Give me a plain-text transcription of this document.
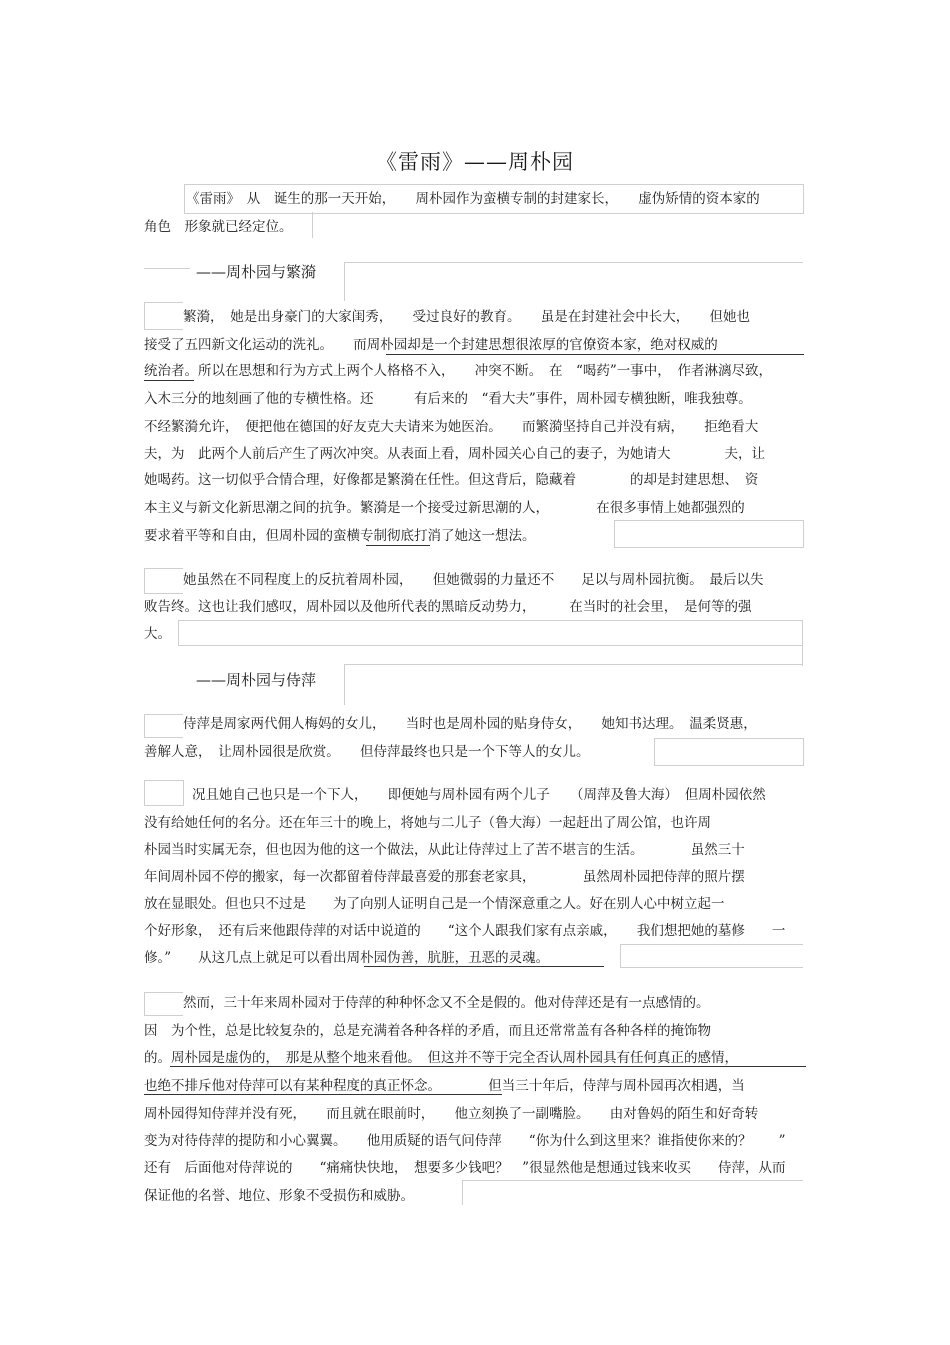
《雷雨》——周朴园
《雷雨》　从　诞生的那一天开始，　　周朴园作为蛮横专制的封建家长，　　虚伪矫情的资本家的
角色　形象就已经定位。
——周朴园与繁漪
繁漪，　她是出身豪门的大家闺秀，　　受过良好的教育。　　虽是在封建社会中长大，　　但她也
接受了五四新文化运动的洗礼。　　而周朴园却是一个封建思想很浓厚的官僚资本家，绝对权威的
统治者。所以在思想和行为方式上两个人格格不入，　　冲突不断。　在　“喝药”一事中，　作者淋漓尽致，
入木三分的地刻画了他的专横性格。还　　　有后来的　“看大夫”事件，周朴园专横独断，唯我独尊。
不经繁漪允许，　便把他在德国的好友克大夫请来为她医治。　　而繁漪坚持自己并没有病，　　拒绝看大
夫，为　此两个人前后产生了两次冲突。从表面上看，周朴园关心自己的妻子，为她请大　　　　夫，让
她喝药。这一切似乎合情合理，好像都是繁漪在任性。但这背后，隐藏着　　　　的却是封建思想、　资
本主义与新文化新思潮之间的抗争。繁漪是一个接受过新思潮的人，　　　　在很多事情上她都强烈的
要求着平等和自由，但周朴园的蛮横专制彻底打消了她这一想法。
她虽然在不同程度上的反抗着周朴园，　　但她微弱的力量还不　　足以与周朴园抗衡。　最后以失
败告终。这也让我们感叹，周朴园以及他所代表的黑暗反动势力，　　　在当时的社会里，　是何等的强
大。
——周朴园与侍萍
侍萍是周家两代佣人梅妈的女儿，　　当时也是周朴园的贴身侍女，　　她知书达理。　温柔贤惠，
善解人意，　让周朴园很是欣赏。　　但侍萍最终也只是一个下等人的女儿。
况且她自己也只是一个下人，　　即便她与周朴园有两个儿子　　（周萍及鲁大海）　但周朴园依然
没有给她任何的名分。还在年三十的晚上，将她与二儿子（鲁大海）一起赶出了周公馆，也许周
朴园当时实属无奈，但也因为他的这一个做法，从此让侍萍过上了苦不堪言的生活。　　　　虽然三十
年间周朴园不停的搬家，每一次都留着侍萍最喜爱的那套老家具，　　　　虽然周朴园把侍萍的照片摆
放在显眼处。但也只不过是　　为了向别人证明自己是一个情深意重之人。好在别人心中树立起一
个好形象，　还有后来他跟侍萍的对话中说道的　　“这个人跟我们家有点亲戚，　　我们想把她的墓修　　一
修。”　　从这几点上就足可以看出周朴园伪善，肮脏，丑恶的灵魂。
然而，三十年来周朴园对于侍萍的种种怀念又不全是假的。他对侍萍还是有一点感情的。
因　为个性，总是比较复杂的，总是充满着各种各样的矛盾，而且还常常盖有各种各样的掩饰物
的。周朴园是虚伪的，　那是从整个地来看他。　但这并不等于完全否认周朴园具有任何真正的感情，
也绝不排斥他对侍萍可以有某种程度的真正怀念。　　　　但当三十年后，侍萍与周朴园再次相遇，当
周朴园得知侍萍并没有死，　　而且就在眼前时，　　他立刻换了一副嘴脸。　　由对鲁妈的陌生和好奇转
变为对待侍萍的提防和小心翼翼。　　他用质疑的语气问侍萍　　“你为什么到这里来？谁指使你来的？　　”
还有　后面他对侍萍说的　　“痛痛快快地，　想要多少钱吧？　”很显然他是想通过钱来收买　　侍萍，从而
保证他的名誉、地位、形象不受损伤和威胁。
